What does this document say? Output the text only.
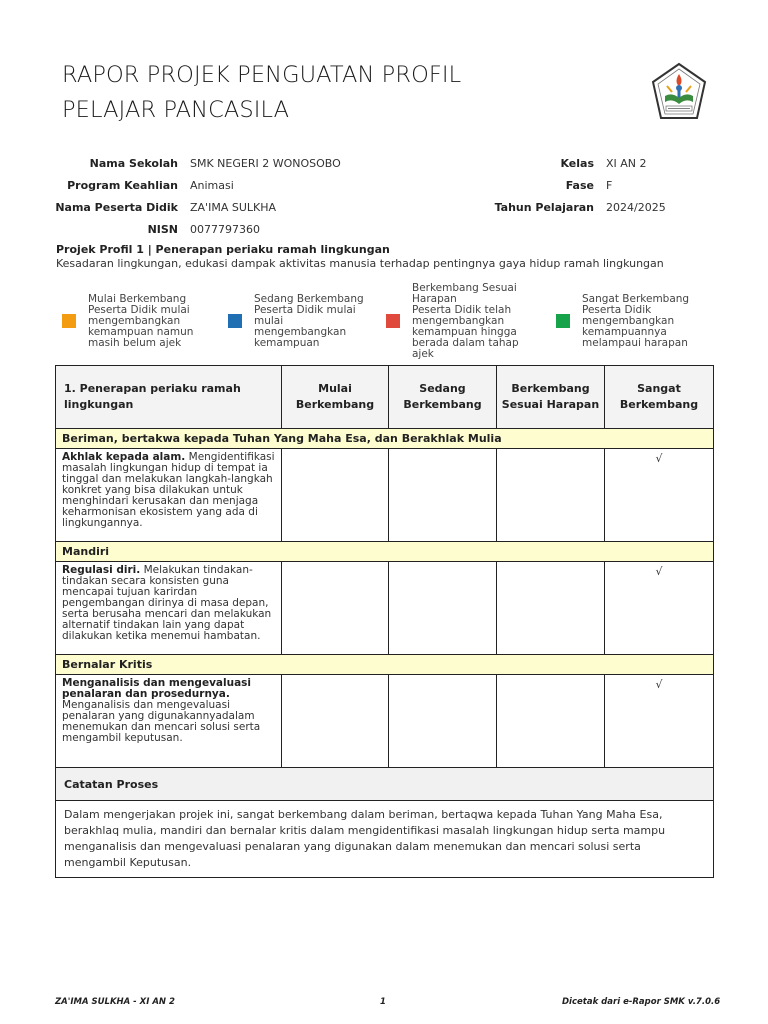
RAPOR PROJEK PENGUATAN PROFIL
PELAJAR PANCASILA
Nama Sekolah	SMK NEGERI 2 WONOSOBO
Program Keahlian	Animasi
Nama Peserta Didik	ZA'IMA SULKHA
NISN	0077797360
Kelas	XI AN 2
Fase	F
Tahun Pelajaran	2024/2025
Projek Profil 1 | Penerapan periaku ramah lingkungan
Kesadaran lingkungan, edukasi dampak aktivitas manusia terhadap pentingnya gaya hidup ramah lingkungan
Mulai Berkembang
Peserta Didik mulai
mengembangkan
kemampuan namun
masih belum ajek
Sedang Berkembang
Peserta Didik mulai
mulai
mengembangkan
kemampuan
Berkembang Sesuai
Harapan
Peserta Didik telah
mengembangkan
kemampuan hingga
berada dalam tahap
ajek
Sangat Berkembang
Peserta Didik
mengembangkan
kemampuannya
melampaui harapan
1. Penerapan periaku ramah lingkungan	Mulai Berkembang	Sedang Berkembang	Berkembang Sesuai Harapan	Sangat Berkembang
Beriman, bertakwa kepada Tuhan Yang Maha Esa, dan Berakhlak Mulia				
Akhlak kepada alam. Mengidentifikasi masalah lingkungan hidup di tempat ia tinggal dan melakukan langkah-langkah konkret yang bisa dilakukan untuk menghindari kerusakan dan menjaga keharmonisan ekosistem yang ada di lingkungannya.				√
Mandiri				
Regulasi diri. Melakukan tindakan-tindakan secara konsisten guna mencapai tujuan karirdan pengembangan dirinya di masa depan, serta berusaha mencari dan melakukan alternatif tindakan lain yang dapat dilakukan ketika menemui hambatan.				√
Bernalar Kritis				
Menganalisis dan mengevaluasi penalaran dan prosedurnya.
Menganalisis dan mengevaluasi penalaran yang digunakannyadalam menemukan dan mencari solusi serta mengambil keputusan.				√
Catatan Proses				
Dalam mengerjakan projek ini, sangat berkembang dalam beriman, bertaqwa kepada Tuhan Yang Maha Esa, berakhlaq mulia, mandiri dan bernalar kritis dalam mengidentifikasi masalah lingkungan hidup serta mampu menganalisis dan mengevaluasi penalaran yang digunakan dalam menemukan dan mencari solusi serta mengambil Keputusan.				
ZA'IMA SULKHA - XI AN 2	1	Dicetak dari e-Rapor SMK v.7.0.6
